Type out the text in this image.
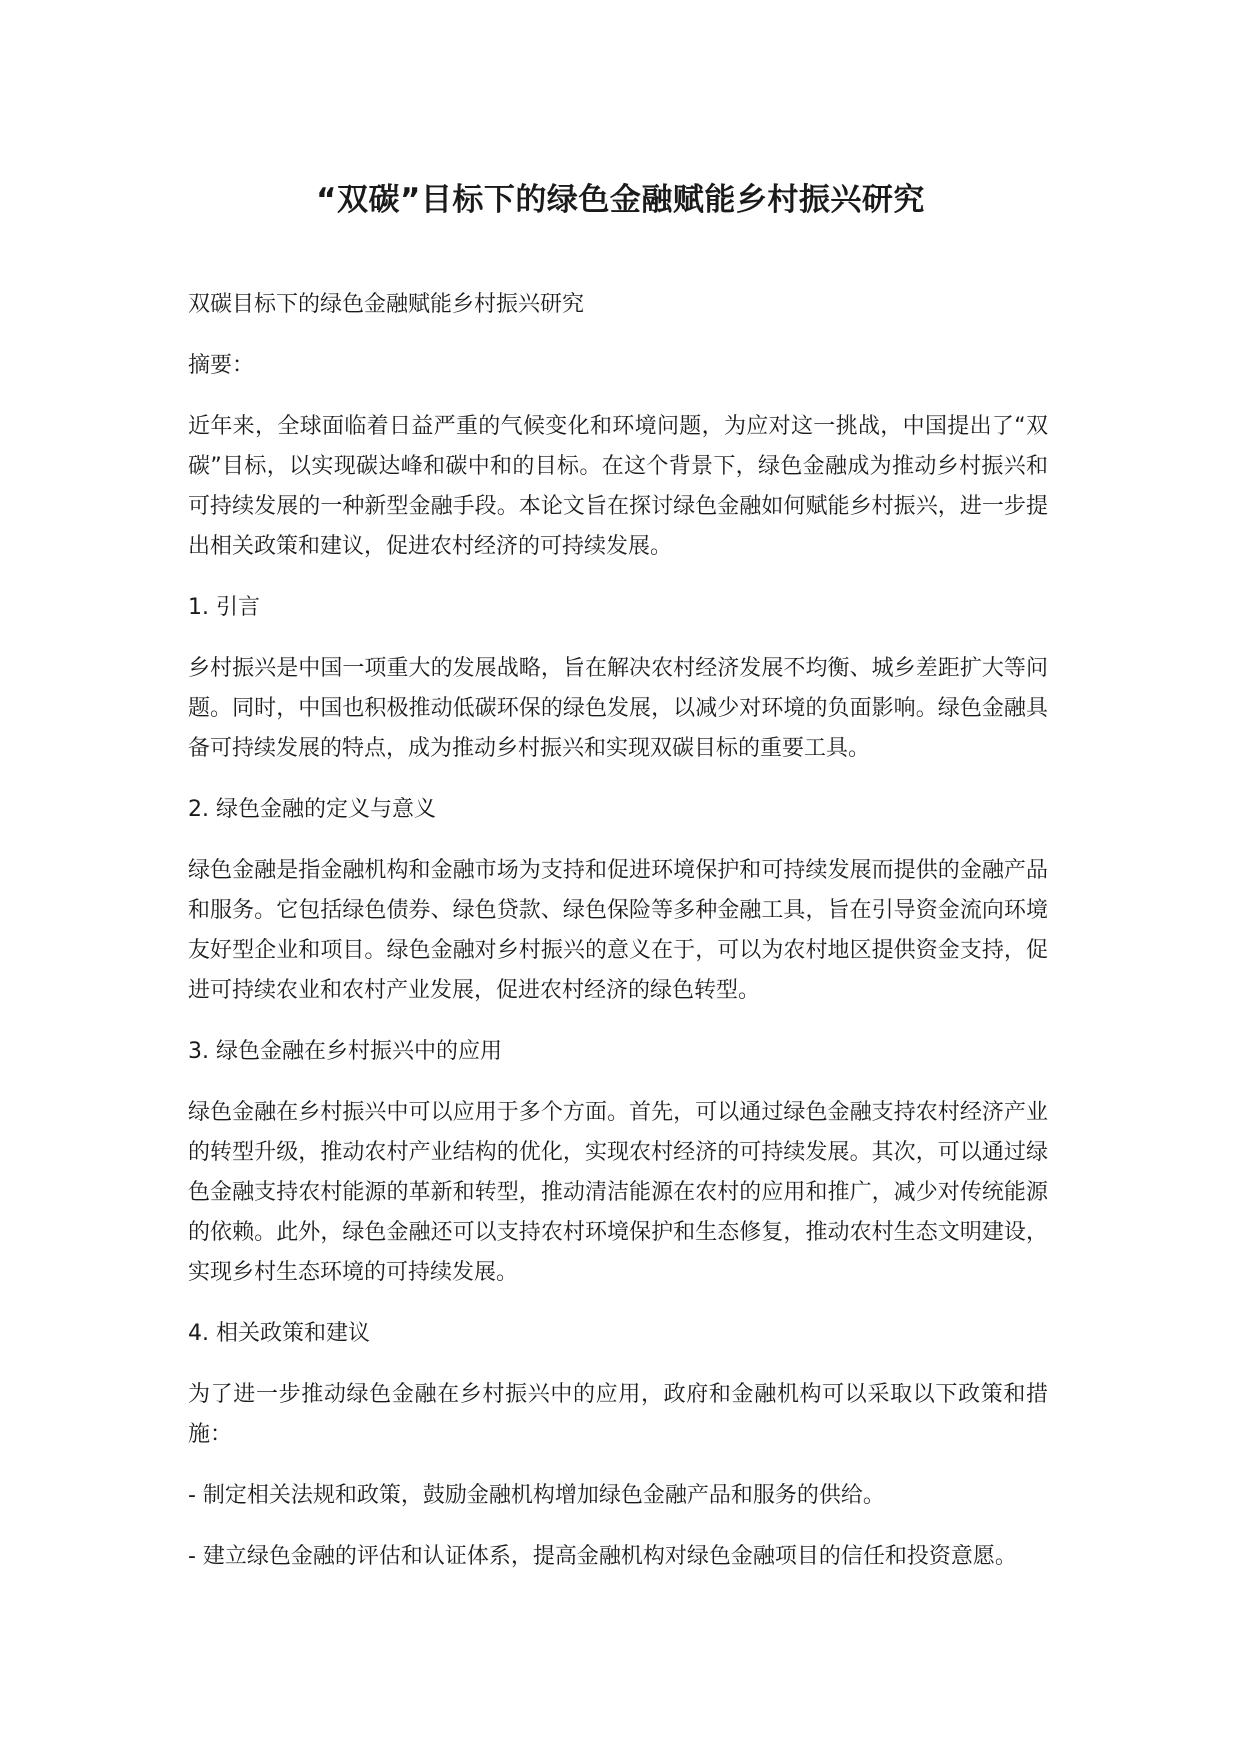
“双碳”目标下的绿色金融赋能乡村振兴研究

双碳目标下的绿色金融赋能乡村振兴研究

摘要：

近年来，全球面临着日益严重的气候变化和环境问题，为应对这一挑战，中国提出了“双碳”目标，以实现碳达峰和碳中和的目标。在这个背景下，绿色金融成为推动乡村振兴和可持续发展的一种新型金融手段。本论文旨在探讨绿色金融如何赋能乡村振兴，进一步提出相关政策和建议，促进农村经济的可持续发展。

1. 引言

乡村振兴是中国一项重大的发展战略，旨在解决农村经济发展不均衡、城乡差距扩大等问题。同时，中国也积极推动低碳环保的绿色发展，以减少对环境的负面影响。绿色金融具备可持续发展的特点，成为推动乡村振兴和实现双碳目标的重要工具。

2. 绿色金融的定义与意义

绿色金融是指金融机构和金融市场为支持和促进环境保护和可持续发展而提供的金融产品和服务。它包括绿色债券、绿色贷款、绿色保险等多种金融工具，旨在引导资金流向环境友好型企业和项目。绿色金融对乡村振兴的意义在于，可以为农村地区提供资金支持，促进可持续农业和农村产业发展，促进农村经济的绿色转型。

3. 绿色金融在乡村振兴中的应用

绿色金融在乡村振兴中可以应用于多个方面。首先，可以通过绿色金融支持农村经济产业的转型升级，推动农村产业结构的优化，实现农村经济的可持续发展。其次，可以通过绿色金融支持农村能源的革新和转型，推动清洁能源在农村的应用和推广，减少对传统能源的依赖。此外，绿色金融还可以支持农村环境保护和生态修复，推动农村生态文明建设，实现乡村生态环境的可持续发展。

4. 相关政策和建议

为了进一步推动绿色金融在乡村振兴中的应用，政府和金融机构可以采取以下政策和措施：

- 制定相关法规和政策，鼓励金融机构增加绿色金融产品和服务的供给。

- 建立绿色金融的评估和认证体系，提高金融机构对绿色金融项目的信任和投资意愿。
